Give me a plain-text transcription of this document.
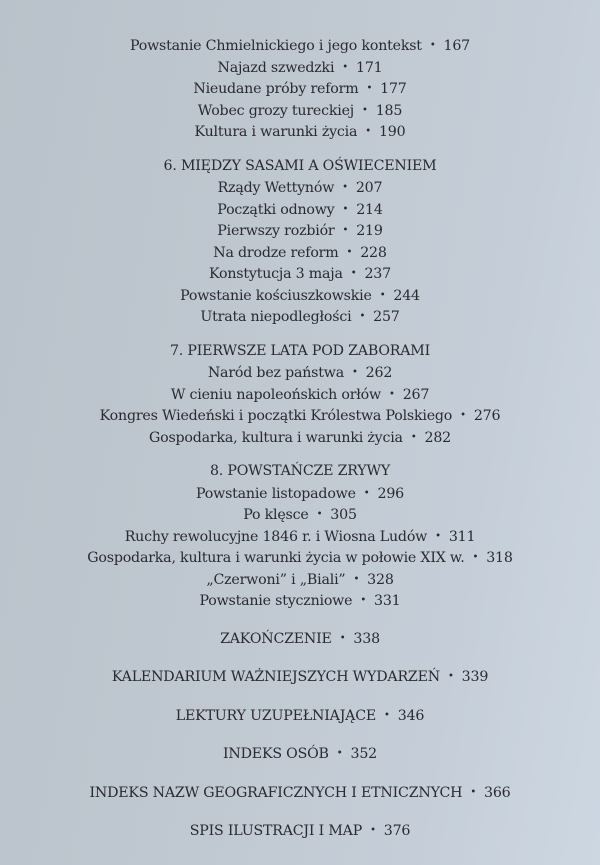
Powstanie Chmielnickiego i jego kontekst • 167
Najazd szwedzki • 171
Nieudane próby reform • 177
Wobec grozy tureckiej • 185
Kultura i warunki życia • 190
6. MIĘDZY SASAMI A OŚWIECENIEM
Rządy Wettynów • 207
Początki odnowy • 214
Pierwszy rozbiór • 219
Na drodze reform • 228
Konstytucja 3 maja • 237
Powstanie kościuszkowskie • 244
Utrata niepodległości • 257
7. PIERWSZE LATA POD ZABORAMI
Naród bez państwa • 262
W cieniu napoleońskich orłów • 267
Kongres Wiedeński i początki Królestwa Polskiego • 276
Gospodarka, kultura i warunki życia • 282
8. POWSTAŃCZE ZRYWY
Powstanie listopadowe • 296
Po klęsce • 305
Ruchy rewolucyjne 1846 r. i Wiosna Ludów • 311
Gospodarka, kultura i warunki życia w połowie XIX w. • 318
„Czerwoni” i „Biali” • 328
Powstanie styczniowe • 331
ZAKOŃCZENIE • 338
KALENDARIUM WAŻNIEJSZYCH WYDARZEŃ • 339
LEKTURY UZUPEŁNIAJĄCE • 346
INDEKS OSÓB • 352
INDEKS NAZW GEOGRAFICZNYCH I ETNICZNYCH • 366
SPIS ILUSTRACJI I MAP • 376
